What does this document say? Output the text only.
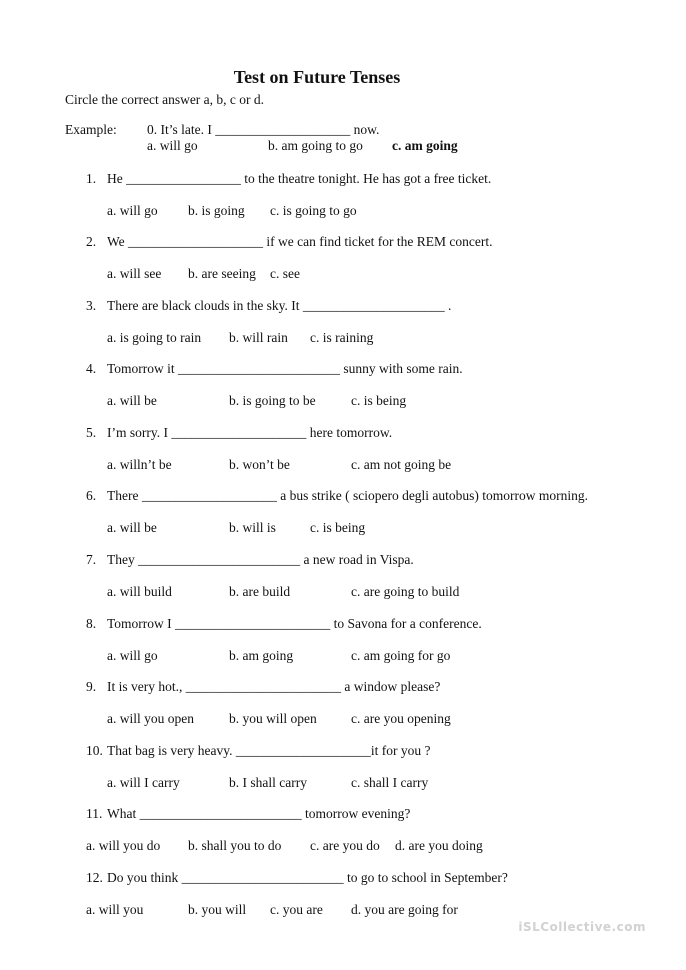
Test on Future Tenses
Circle the correct answer a, b, c or d.
Example: 0. It’s late. I ____________________ now.
a. will go	b. am going to go c. am going
1. He _________________ to the theatre tonight. He has got a free ticket.
a. will go b. is going c. is going to go
2. We ____________________ if we can find ticket for the REM concert.
a. will see b. are seeing c. see
3. There are black clouds in the sky. It _____________________ .
a. is going to rain b. will rain c. is raining
4. Tomorrow it ________________________ sunny with some rain.
a. will be	b. is going to be	c. is being
5. I’m sorry. I ____________________ here tomorrow.
a. willn’t be	b. won’t be	c. am not going be
6. There ____________________ a bus strike ( sciopero degli autobus) tomorrow morning.
a. will be	b. will is	c. is being
7. They ________________________ a new road in Vispa.
a. will build	b. are build	c. are going to build
8. Tomorrow I _______________________ to Savona for a conference.
a. will go	b. am going	c. am going for go
9. It is very hot., _______________________ a window please?
a. will you open	b. you will open	c. are you opening
10. That bag is very heavy. ____________________it for you ?
a. will I carry	b. I shall carry	c. shall I carry
11. What ________________________ tomorrow evening?
a. will you do b. shall you to do c. are you do d. are you doing
12. Do you think ________________________ to go to school in September?
a. will you	b. you will c. you are d. you are going for
iSLCollective.com
